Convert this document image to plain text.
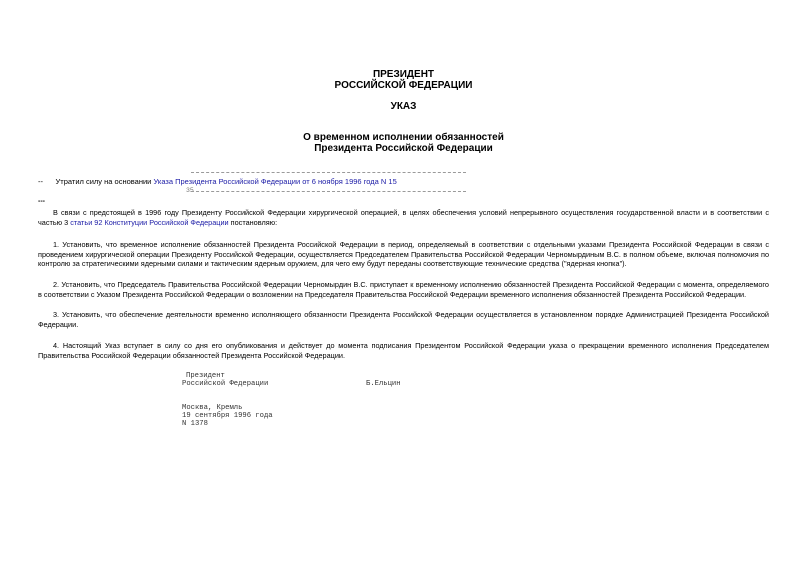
ПРЕЗИДЕНТ
РОССИЙСКОЙ ФЕДЕРАЦИИ
УКАЗ
О временном исполнении обязанностей
Президента Российской Федерации
-- Утратил силу на основании Указа Президента Российской Федерации от 6 ноября 1996 года N 15
35
---
В связи с предстоящей в 1996 году Президенту Российской Федерации хирургической операцией, в целях обеспечения условий непрерывного осуществления государственной власти и в соответствии с частью 3 статьи 92 Конституции Российской Федерации постановляю:
1. Установить, что временное исполнение обязанностей Президента Российской Федерации в период, определяемый в соответствии с отдельными указами Президента Российской Федерации в связи с проведением хирургической операции Президенту Российской Федерации, осуществляется Председателем Правительства Российской Федерации Черномырдиным В.С. в полном объеме, включая полномочия по контролю за стратегическими ядерными силами и тактическим ядерным оружием, для чего ему будут переданы соответствующие технические средства ("ядерная кнопка").
2. Установить, что Председатель Правительства Российской Федерации Черномырдин В.С. приступает к временному исполнению обязанностей Президента Российской Федерации с момента, определяемого в соответствии с Указом Президента Российской Федерации о возложении на Председателя Правительства Российской Федерации временного исполнения обязанностей Президента Российской Федерации.
3. Установить, что обеспечение деятельности временно исполняющего обязанности Президента Российской Федерации осуществляется в установленном порядке Администрацией Президента Российской Федерации.
4. Настоящий Указ вступает в силу со дня его опубликования и действует до момента подписания Президентом Российской Федерации указа о прекращении временного исполнения Председателем Правительства Российской Федерации обязанностей Президента Российской Федерации.
Президент
Российской Федерации	Б.Ельцин
Москва, Кремль
19 сентября 1996 года
N 1378
